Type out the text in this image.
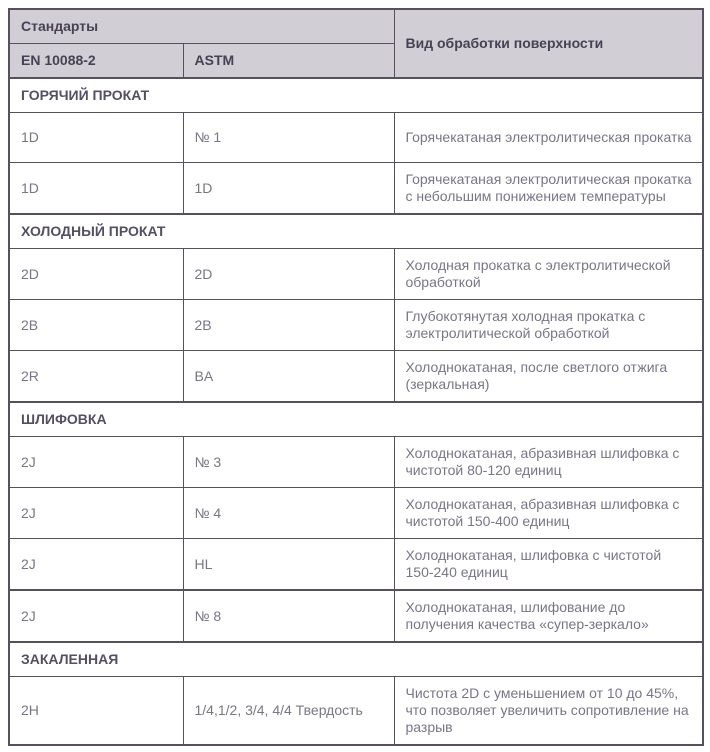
Стандарты		Вид обработки поверхности
EN 10088-2	ASTM	
ГОРЯЧИЙ ПРОКАТ		
1D	№ 1	Горячекатаная электролитическая прокатка
1D	1D	Горячекатаная электролитическая прокатка с небольшим понижением температуры
ХОЛОДНЫЙ ПРОКАТ		
2D	2D	Холодная прокатка с электролитической обработкой
2B	2B	Глубокотянутая холодная прокатка с электролитической обработкой
2R	BA	Холоднокатаная, после светлого отжига (зеркальная)
ШЛИФОВКА		
2J	№ 3	Холоднокатаная, абразивная шлифовка с чистотой 80-120 единиц
2J	№ 4	Холоднокатаная, абразивная шлифовка с чистотой 150-400 единиц
2J	HL	Холоднокатаная, шлифовка с чистотой 150-240 единиц
2J	№ 8	Холоднокатаная, шлифование до получения качества «супер-зеркало»
ЗАКАЛЕННАЯ		
2H	1/4,1/2, 3/4, 4/4 Твердость	Чистота 2D с уменьшением от 10 до 45%, что позволяет увеличить сопротивление на разрыв
